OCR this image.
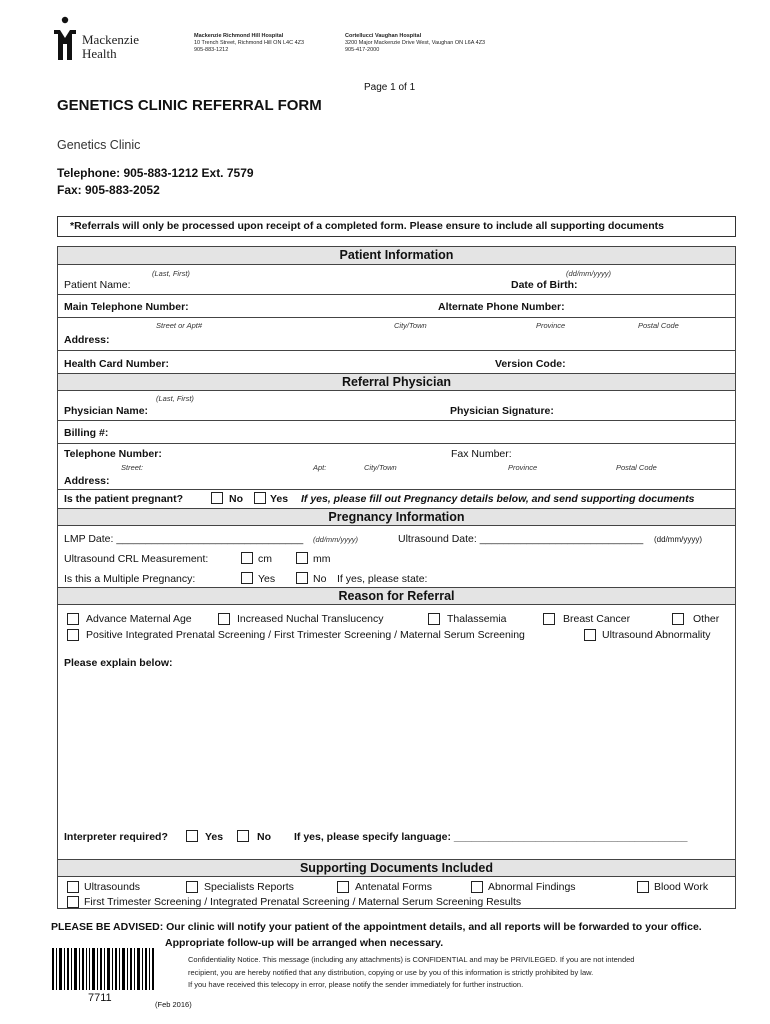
Mackenzie
Health
Mackenzie Richmond Hill Hospital
10 Trench Street, Richmond Hill ON L4C 4Z3
905-883-1212
Cortellucci Vaughan Hospital
3200 Major Mackenzie Drive West, Vaughan ON L6A 4Z3
905-417-2000
Page 1 of 1
GENETICS CLINIC REFERRAL FORM
Genetics Clinic
Telephone: 905-883-1212 Ext. 7579
Fax: 905-883-2052
*Referrals will only be processed upon receipt of a completed form. Please ensure to include all supporting documents
Patient Information
(Last, First)	(dd/mm/yyyy)
Patient Name:	Date of Birth:
Main Telephone Number:	Alternate Phone Number:
Street or Apt#	City/Town	Province	Postal Code
Address:
Health Card Number:	Version Code:
Referral Physician
(Last, First)
Physician Name:	Physician Signature:
Billing #:
Telephone Number:	Fax Number:
Street:	Apt:	City/Town	Province	Postal Code
Address:
Is the patient pregnant?	No	Yes If yes, please fill out Pregnancy details below, and send supporting documents
Pregnancy Information
LMP Date: ________________________________ (dd/mm/yyyy)	Ultrasound Date: ____________________________ (dd/mm/yyyy)
Ultrasound CRL Measurement:	cm	mm
Is this a Multiple Pregnancy:	Yes	No If yes, please state:
Reason for Referral
Advance Maternal Age	Increased Nuchal Translucency	Thalassemia	Breast Cancer	Other
Positive Integrated Prenatal Screening / First Trimester Screening / Maternal Serum Screening	Ultrasound Abnormality
Please explain below:
Interpreter required?	Yes	No If yes, please specify language: ________________________________________
Supporting Documents Included
Ultrasounds	Specialists Reports	Antenatal Forms	Abnormal Findings	Blood Work
First Trimester Screening / Integrated Prenatal Screening / Maternal Serum Screening Results
PLEASE BE ADVISED: Our clinic will notify your patient of the appointment details, and all reports will be forwarded to your office.
Appropriate follow-up will be arranged when necessary.
7711
(Feb 2016)
Confidentiality Notice. This message (including any attachments) is CONFIDENTIAL and may be PRIVILEGED. If you are not intended
recipient, you are hereby notified that any distribution, copying or use by you of this information is strictly prohibited by law.
If you have received this telecopy in error, please notify the sender immediately for further instruction.
